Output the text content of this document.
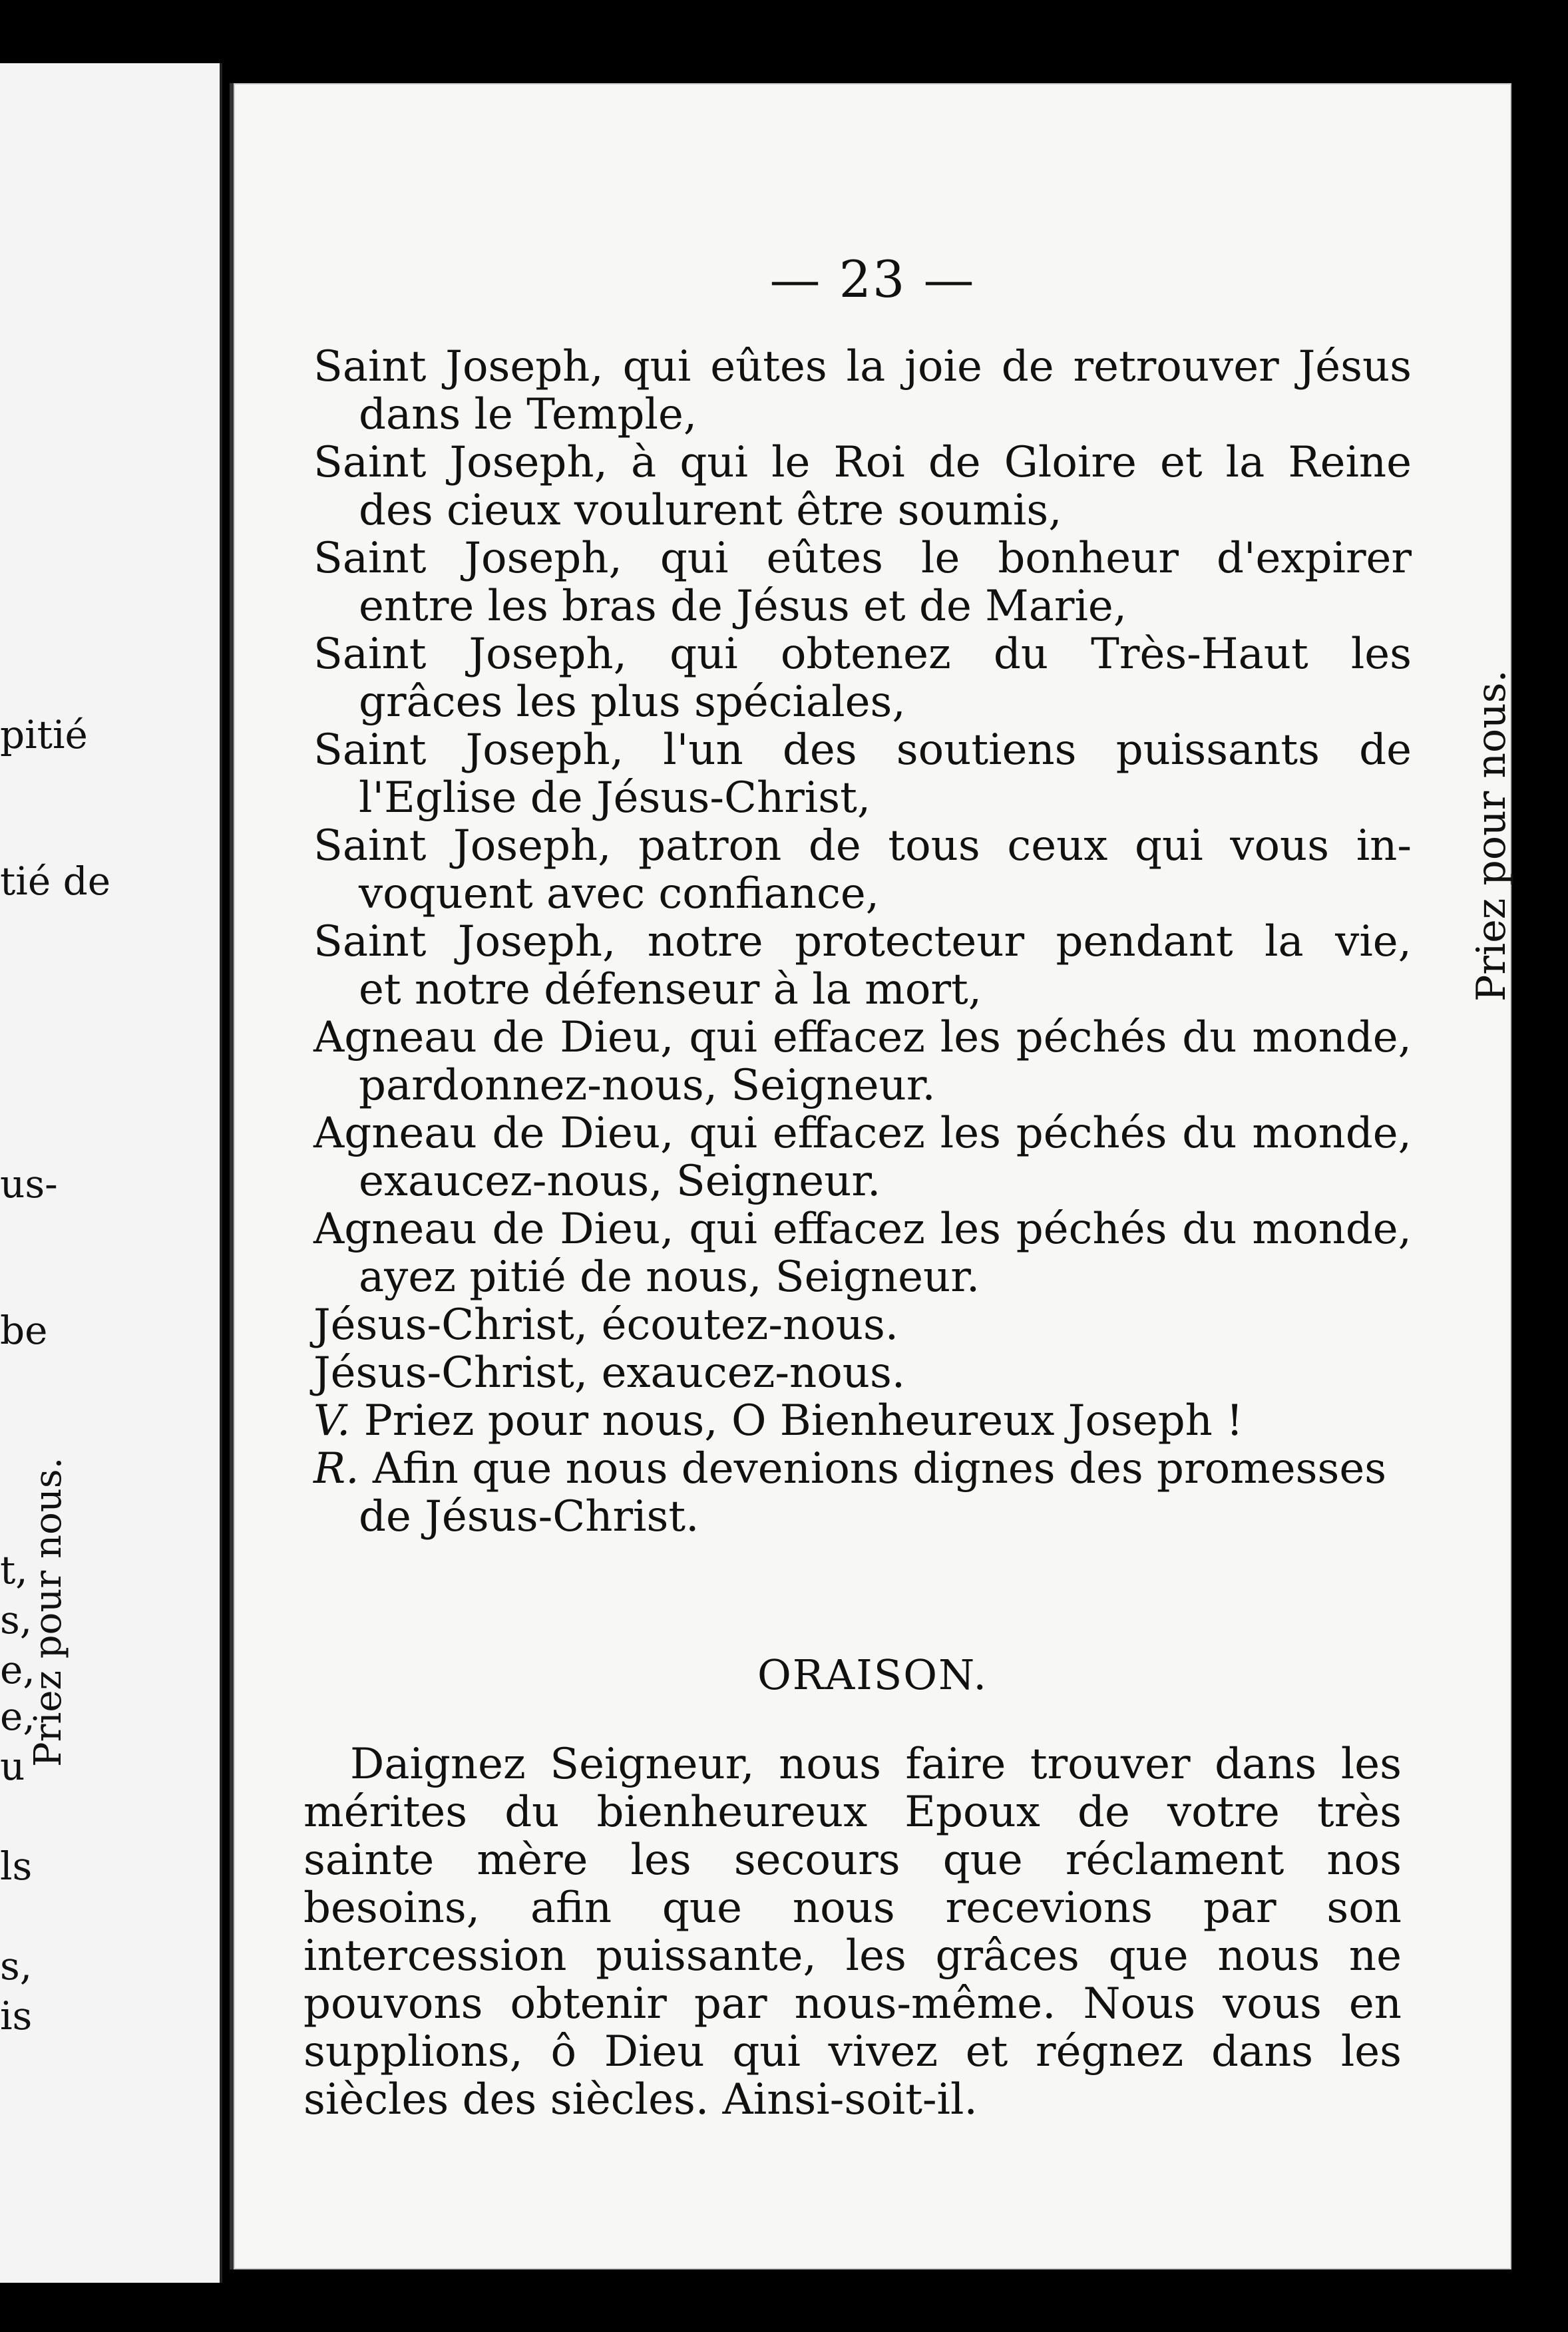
pitié
tié de
us-
be
t,
s,
e,
e,
u
ls
s,
is
Priez pour nous.
— 23 —

Saint Joseph, qui eûtes la joie de retrouver Jésus
dans le Temple,

Saint Joseph, à qui le Roi de Gloire et la Reine
des cieux voulurent être soumis,

Saint Joseph, qui eûtes le bonheur d'expirer
entre les bras de Jésus et de Marie,

Saint Joseph, qui obtenez du Très-Haut les
grâces les plus spéciales,

Saint Joseph, l'un des soutiens puissants de
l'Eglise de Jésus-Christ,

Saint Joseph, patron de tous ceux qui vous in-
voquent avec confiance,

Saint Joseph, notre protecteur pendant la vie,
et notre défenseur à la mort,

Agneau de Dieu, qui effacez les péchés du monde,
pardonnez-nous, Seigneur.

Agneau de Dieu, qui effacez les péchés du monde,
exaucez-nous, Seigneur.

Agneau de Dieu, qui effacez les péchés du monde,
ayez pitié de nous, Seigneur.

Jésus-Christ, écoutez-nous.

Jésus-Christ, exaucez-nous.

V. Priez pour nous, O Bienheureux Joseph !

R. Afin que nous devenions dignes des promesses
de Jésus-Christ.

Priez pour nous.
ORAISON.
Daignez Seigneur, nous faire trouver dans les mérites du bienheureux Epoux de votre très sainte mère les secours que réclament nos besoins, afin que nous recevions par son intercession puissante, les grâces que nous ne pouvons obtenir par nous-même. Nous vous en supplions, ô Dieu qui vivez et régnez dans les siècles des siècles. Ainsi-soit-il.
